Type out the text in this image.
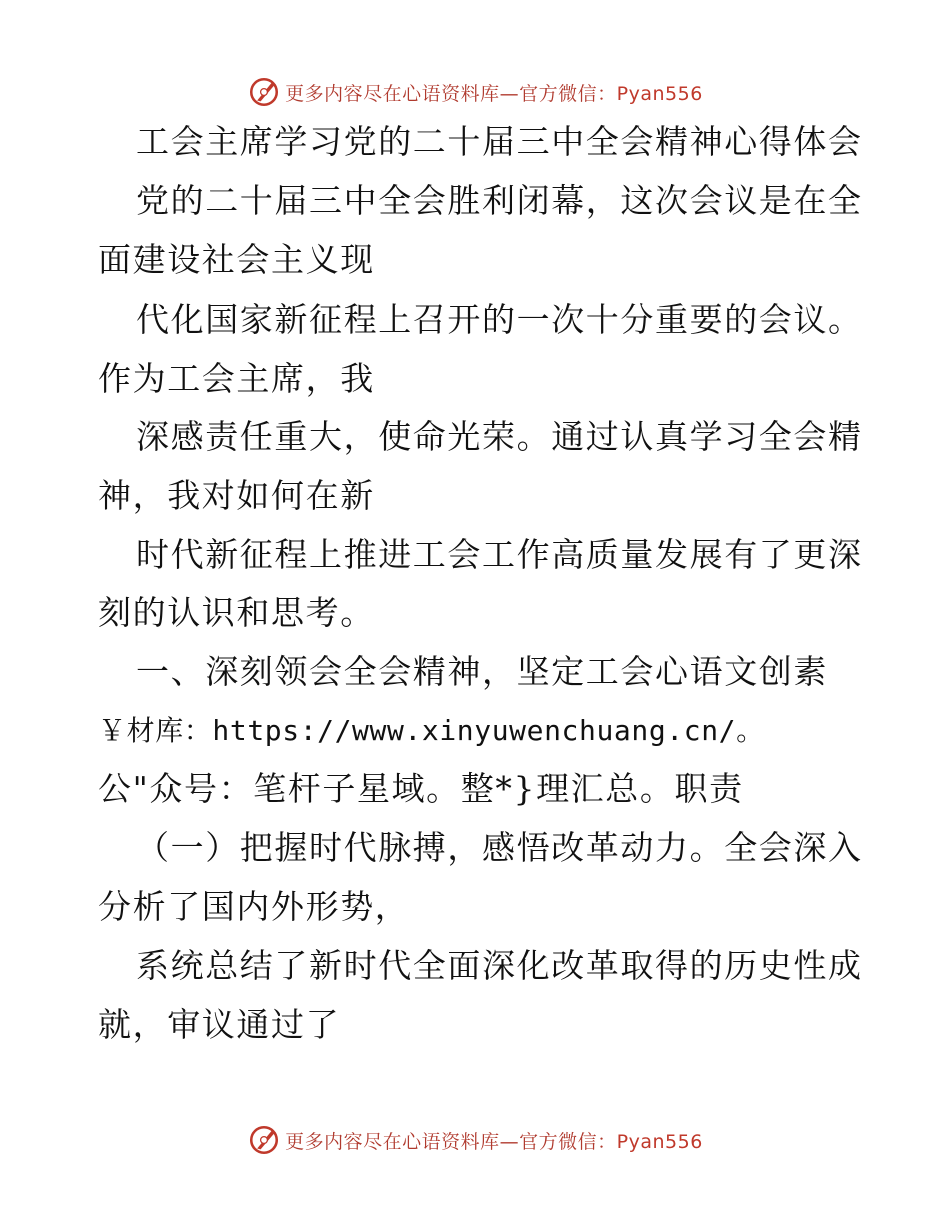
更多内容尽在心语资料库—官方微信：Pyan556
工会主席学习党的二十届三中全会精神心得体会
党的二十届三中全会胜利闭幕，这次会议是在全
面建设社会主义现
代化国家新征程上召开的一次十分重要的会议。
作为工会主席，我
深感责任重大，使命光荣。通过认真学习全会精
神，我对如何在新
时代新征程上推进工会工作高质量发展有了更深
刻的认识和思考。
一、深刻领会全会精神，坚定工会心语文创素
￥材库：https://www.xinyuwenchuang.cn/。
公"众号：笔杆子星域。整*}理汇总。职责
（一）把握时代脉搏，感悟改革动力。全会深入
分析了国内外形势，
系统总结了新时代全面深化改革取得的历史性成
就，审议通过了
更多内容尽在心语资料库—官方微信：Pyan556
